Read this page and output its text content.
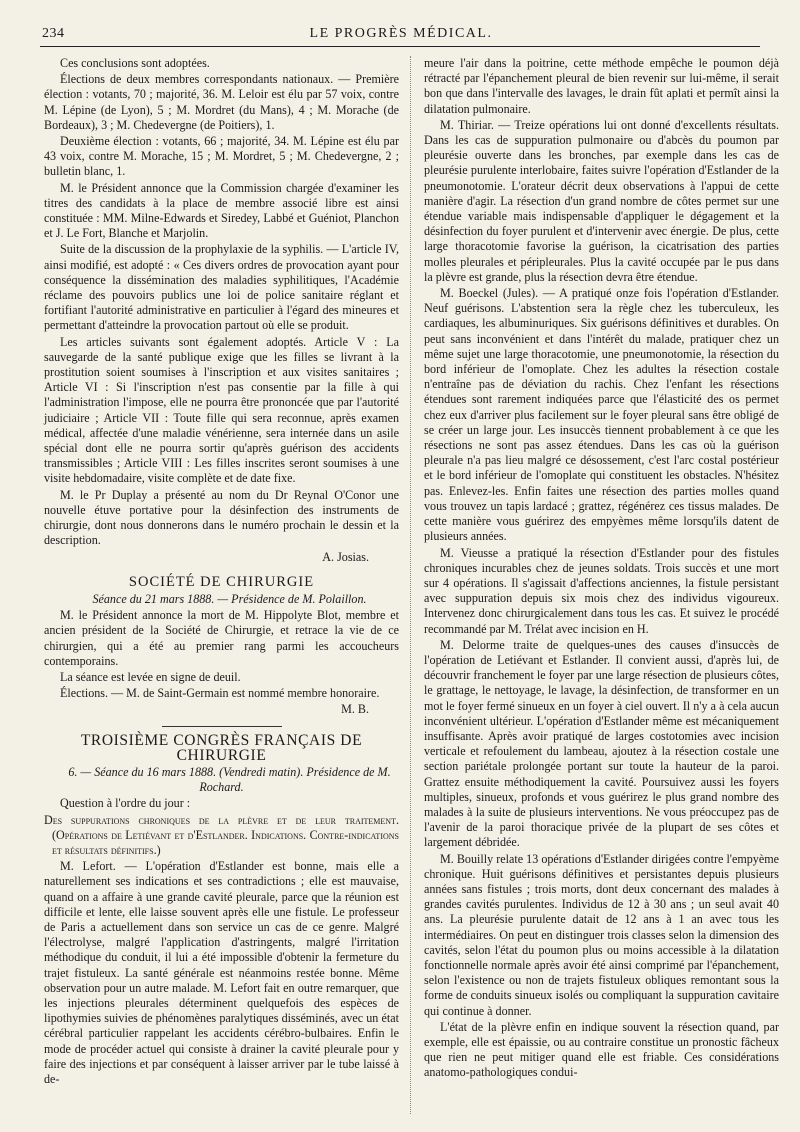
234	LE PROGRÈS MÉDICAL.

Ces conclusions sont adoptées.

Élections de deux membres correspondants nationaux. — Première élection : votants, 70 ; majorité, 36. M. Leloir est élu par 57 voix, contre M. Lépine (de Lyon), 5 ; M. Mordret (du Mans), 4 ; M. Morache (de Bordeaux), 3 ; M. Chedevergne (de Poitiers), 1.

Deuxième élection : votants, 66 ; majorité, 34. M. Lépine est élu par 43 voix, contre M. Morache, 15 ; M. Mordret, 5 ; M. Chedevergne, 2 ; bulletin blanc, 1.

M. le Président annonce que la Commission chargée d'examiner les titres des candidats à la place de membre associé libre est ainsi constituée : MM. Milne-Edwards et Siredey, Labbé et Guéniot, Planchon et J. Le Fort, Blanche et Marjolin.

Suite de la discussion de la prophylaxie de la syphilis. — L'article IV, ainsi modifié, est adopté : « Ces divers ordres de provocation ayant pour conséquence la dissémination des maladies syphilitiques, l'Académie réclame des pouvoirs publics une loi de police sanitaire réglant et fortifiant l'autorité administrative en particulier à l'égard des mineures et permettant d'atteindre la provocation partout où elle se produit.

Les articles suivants sont également adoptés. Article V : La sauvegarde de la santé publique exige que les filles se livrant à la prostitution soient soumises à l'inscription et aux visites sanitaires ; Article VI : Si l'inscription n'est pas consentie par la fille à qui l'administration l'impose, elle ne pourra être prononcée que par l'autorité judiciaire ; Article VII : Toute fille qui sera reconnue, après examen médical, affectée d'une maladie vénérienne, sera internée dans un asile spécial dont elle ne pourra sortir qu'après guérison des accidents transmissibles ; Article VIII : Les filles inscrites seront soumises à une visite hebdomadaire, visite complète et de date fixe.

M. le Pr Duplay a présenté au nom du Dr Reynal O'Conor une nouvelle étuve portative pour la désinfection des instruments de chirurgie, dont nous donnerons dans le numéro prochain le dessin et la description.

A. Josias.

SOCIÉTÉ DE CHIRURGIE

Séance du 21 mars 1888. — Présidence de M. Polaillon.

M. le Président annonce la mort de M. Hippolyte Blot, membre et ancien président de la Société de Chirurgie, et retrace la vie de ce chirurgien, qui a été au premier rang parmi les accoucheurs contemporains.

La séance est levée en signe de deuil.

Élections. — M. de Saint-Germain est nommé membre honoraire.

M. B.

TROISIÈME CONGRÈS FRANÇAIS DE CHIRURGIE

6. — Séance du 16 mars 1888. (Vendredi matin). Présidence de M. Rochard.

Question à l'ordre du jour :

Des suppurations chroniques de la plèvre et de leur traitement. (Opérations de Letiévant et d'Estlander. Indications. Contre-indications et résultats définitifs.)

M. Lefort. — L'opération d'Estlander est bonne, mais elle a naturellement ses indications et ses contradictions ; elle est mauvaise, quand on a affaire à une grande cavité pleurale, parce que la réunion est difficile et lente, elle laisse souvent après elle une fistule. Le professeur de Paris a actuellement dans son service un cas de ce genre. Malgré l'électrolyse, malgré l'application d'astringents, malgré l'irritation méthodique du conduit, il lui a été impossible d'obtenir la fermeture du trajet fistuleux. La santé générale est néanmoins restée bonne. Même observation pour un autre malade. M. Lefort fait en outre remarquer, que les injections pleurales déterminent quelquefois des espèces de lipothymies suivies de phénomènes paralytiques disséminés, avec un état cérébral particulier rappelant les accidents cérébro-bulbaires. Enfin le mode de procéder actuel qui consiste à drainer la cavité pleurale pour y faire des injections et par conséquent à laisser arriver par le tube laissé à de-

meure l'air dans la poitrine, cette méthode empêche le poumon déjà rétracté par l'épanchement pleural de bien revenir sur lui-même, il serait bon que dans l'intervalle des lavages, le drain fût aplati et permît ainsi la dilatation pulmonaire.

M. Thiriar. — Treize opérations lui ont donné d'excellents résultats. Dans les cas de suppuration pulmonaire ou d'abcès du poumon par pleurésie ouverte dans les bronches, par exemple dans les cas de pleurésie purulente interlobaire, faites suivre l'opération d'Estlander de la pneumonotomie. L'orateur décrit deux observations à l'appui de cette manière d'agir. La résection d'un grand nombre de côtes permet sur une étendue variable mais indispensable d'appliquer le dégagement et la désinfection du foyer purulent et d'intervenir avec énergie. De plus, cette large thoracotomie favorise la guérison, la cicatrisation des parties molles pleurales et péripleurales. Plus la cavité occupée par le pus dans la plèvre est grande, plus la résection devra être étendue.

M. Boeckel (Jules). — A pratiqué onze fois l'opération d'Estlander. Neuf guérisons. L'abstention sera la règle chez les tuberculeux, les cardiaques, les albuminuriques. Six guérisons définitives et durables. On peut sans inconvénient et dans l'intérêt du malade, pratiquer chez un même sujet une large thoracotomie, une pneumonotomie, la résection du bord inférieur de l'omoplate. Chez les adultes la résection costale n'entraîne pas de déviation du rachis. Chez l'enfant les résections étendues sont rarement indiquées parce que l'élasticité des os permet chez eux d'arriver plus facilement sur le foyer pleural sans être obligé de se créer un large jour. Les insuccès tiennent probablement à ce que les résections ne sont pas assez étendues. Dans les cas où la guérison pleurale n'a pas lieu malgré ce désossement, c'est l'arc costal postérieur et le bord inférieur de l'omoplate qui constituent les obstacles. N'hésitez pas. Enlevez-les. Enfin faites une résection des parties molles quand vous trouvez un tapis lardacé ; grattez, régénérez ces tissus malades. De cette manière vous guérirez des empyèmes même lorsqu'ils datent de plusieurs années.

M. Vieusse a pratiqué la résection d'Estlander pour des fistules chroniques incurables chez de jeunes soldats. Trois succès et une mort sur 4 opérations. Il s'agissait d'affections anciennes, la fistule persistant avec suppuration depuis six mois chez des individus vigoureux. Intervenez donc chirurgicalement dans tous les cas. Et suivez le procédé recommandé par M. Trélat avec incision en H.

M. Delorme traite de quelques-unes des causes d'insuccès de l'opération de Letiévant et Estlander. Il convient aussi, d'après lui, de découvrir franchement le foyer par une large résection de plusieurs côtes, le grattage, le nettoyage, le lavage, la désinfection, de transformer en un mot le foyer fermé sinueux en un foyer à ciel ouvert. Il n'y a à cela aucun inconvénient ultérieur. L'opération d'Estlander même est mécaniquement insuffisante. Après avoir pratiqué de larges costotomies avec incision verticale et refoulement du lambeau, ajoutez à la résection costale une section pariétale prolongée portant sur toute la hauteur de la paroi. Grattez ensuite méthodiquement la cavité. Poursuivez aussi les foyers multiples, sinueux, profonds et vous guérirez le plus grand nombre des malades à la suite de plusieurs interventions. Ne vous préoccupez pas de l'avenir de la paroi thoracique privée de la plupart de ses côtes et largement débridée.

M. Bouilly relate 13 opérations d'Estlander dirigées contre l'empyème chronique. Huit guérisons définitives et persistantes depuis plusieurs années sans fistules ; trois morts, dont deux concernant des malades à grandes cavités purulentes. Individus de 12 à 30 ans ; un seul avait 40 ans. La pleurésie purulente datait de 12 ans à 1 an avec tous les intermédiaires. On peut en distinguer trois classes selon la dimension des cavités, selon l'état du poumon plus ou moins accessible à la dilatation fonctionnelle normale après avoir été ainsi comprimé par l'épanchement, selon l'existence ou non de trajets fistuleux obliques remontant sous la forme de conduits sinueux isolés ou compliquant la suppuration cavitaire qui continue à donner.

L'état de la plèvre enfin en indique souvent la résection quand, par exemple, elle est épaissie, ou au contraire constitue un pronostic fâcheux que rien ne peut mitiger quand elle est friable. Ces considérations anatomo-pathologiques condui-
